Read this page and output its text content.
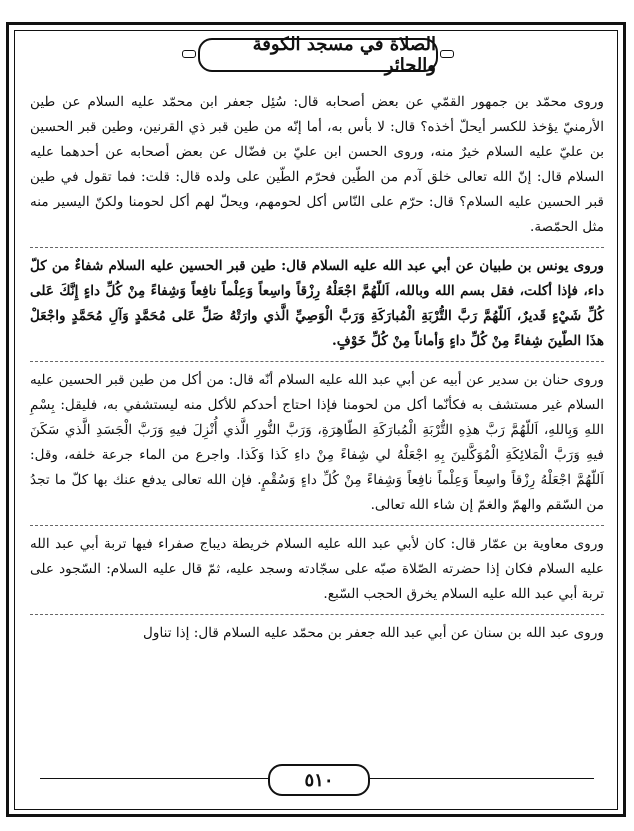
الصلاة في مسجد الكوفة والحائر

وروى محمّد بن جمهور القمّي عن بعض أصحابه قال: سُئِل جعفر ابن محمّد عليه السلام عن طين الأرمنيّ يؤخذ للكسر أيحلّ أخذه؟ قال: لا بأس به، أما إنّه من طين قبر ذي القرنين، وطين قبر الحسين بن عليّ عليه السلام خيرٌ منه، وروى الحسن ابن عليّ بن فضّال عن بعض أصحابه عن أحدهما عليه السلام قال: إنّ الله تعالى خلق آدم من الطّين فحرّم الطّين على ولده قال: قلت: فما تقول في طين قبر الحسين عليه السلام؟ قال: حرّم على النّاس أكل لحومهم، ويحلّ لهم أكل لحومنا ولكنّ اليسير منه مثل الحمّصة.

وروى يونس بن طبيان عن أبي عبد الله عليه السلام قال: طين قبر الحسين عليه السلام شفاءٌ من كلّ داء، فإذا أكلت، فقل بسم الله وبالله، اَللّهُمَّ اجْعَلْهُ رِزْقاً واسِعاً وَعِلْماً نافِعاً وَشِفاءً مِنْ كُلِّ داءٍ إِنَّكَ عَلى كُلِّ شَيْءٍ قَديرٌ، اَللّهُمَّ رَبَّ التُّرْبَةِ الْمُبارَكَةِ وَرَبَّ الْوَصِيِّ الَّذي وارَتْهُ صَلِّ عَلى مُحَمَّدٍ وَآلِ مُحَمَّدٍ واجْعَلْ هذَا الطّينَ شِفاءً مِنْ كُلِّ داءٍ وَأماناً مِنْ كُلِّ خَوْفٍ.

وروى حنان بن سدير عن أبيه عن أبي عبد الله عليه السلام أنّه قال: من أكل من طين قبر الحسين عليه السلام غير مستشف به فكأنّما أكل من لحومنا فإذا احتاج أحدكم للأكل منه ليستشفي به، فليقل: بِسْمِ اللهِ وَبِاللهِ، اَللّهُمَّ رَبَّ هذِهِ التُّرْبَةِ الْمُبارَكَةِ الطّاهِرَةِ، وَرَبَّ النُّورِ الَّذي أُنْزِلَ فيهِ وَرَبَّ الْجَسَدِ الَّذي سَكَنَ فيهِ وَرَبَّ الْمَلائِكَةِ الْمُوَكَّلينَ بِهِ اجْعَلْهُ لي شِفاءً مِنْ داءِ كَذا وَكَذا. واجرع من الماء جرعة خلفه، وقل: اَللّهُمَّ اجْعَلْهُ رِزْقاً واسِعاً وَعِلْماً نافِعاً وَشِفاءً مِنْ كُلِّ داءٍ وَسُقْمٍ. فإن الله تعالى يدفع عنك بها كلّ ما تجدُ من السّقم والهمّ والغمّ إن شاء الله تعالى.

وروى معاوية بن عمّار قال: كان لأبي عبد الله عليه السلام خريطة ديباج صفراء فيها تربة أبي عبد الله عليه السلام فكان إذا حضرته الصّلاة صبّه على سجّادته وسجد عليه، ثمّ قال عليه السلام: السّجود على تربة أبي عبد الله عليه السلام يخرق الحجب السّبع.

وروى عبد الله بن سنان عن أبي عبد الله جعفر بن محمّد عليه السلام قال: إذا تناول

٥١٠
